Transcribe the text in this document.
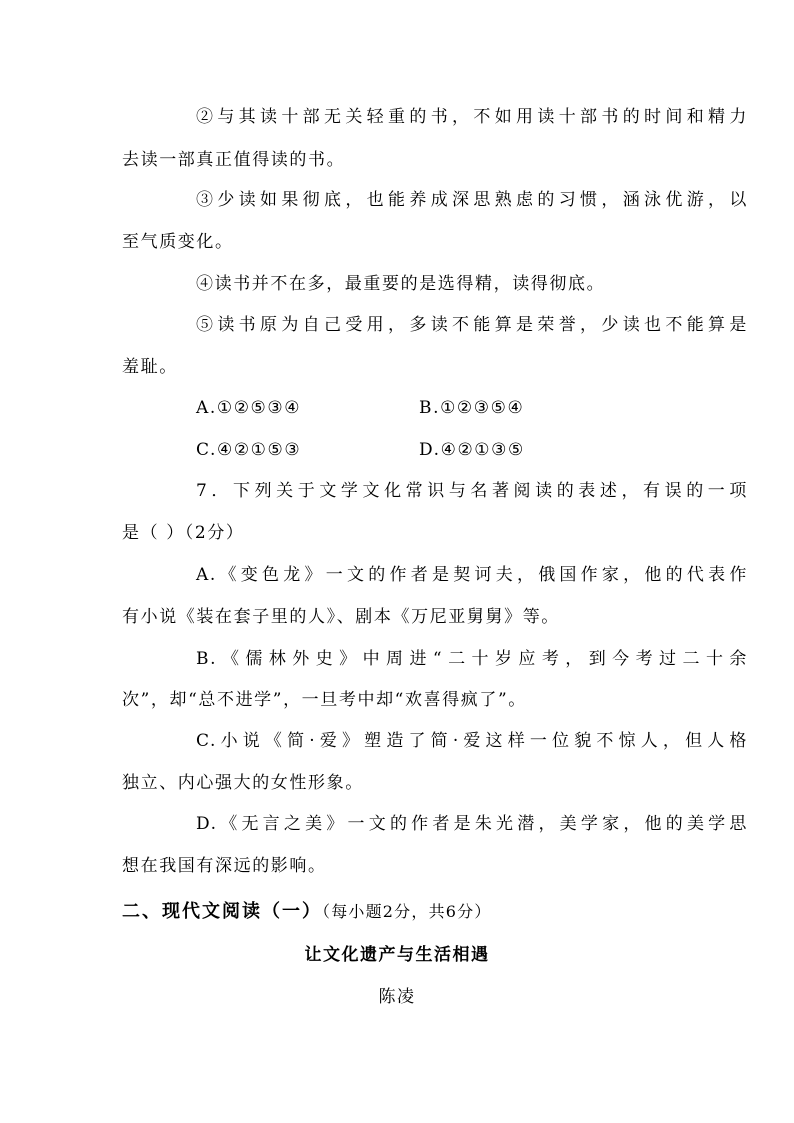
②与其读十部无关轻重的书，不如用读十部书的时间和精力
去读一部真正值得读的书。
③少读如果彻底，也能养成深思熟虑的习惯，涵泳优游，以
至气质变化。
④读书并不在多，最重要的是选得精，读得彻底。
⑤读书原为自己受用，多读不能算是荣誉，少读也不能算是
羞耻。
A.①②⑤③④	B.①②③⑤④
C.④②①⑤③	D.④②①③⑤
7．下列关于文学文化常识与名著阅读的表述，有误的一项
是（ ）（2分）
A.《变色龙》一文的作者是契诃夫，俄国作家，他的代表作
有小说《装在套子里的人》、剧本《万尼亚舅舅》等。
B.《儒林外史》中周进“二十岁应考，到今考过二十余
次”，却“总不进学”，一旦考中却“欢喜得疯了”。
C.小说《简·爱》塑造了简·爱这样一位貌不惊人，但人格
独立、内心强大的女性形象。
D.《无言之美》一文的作者是朱光潜，美学家，他的美学思
想在我国有深远的影响。
二、现代文阅读（一）（每小题2分，共6分）
让文化遗产与生活相遇
陈凌
